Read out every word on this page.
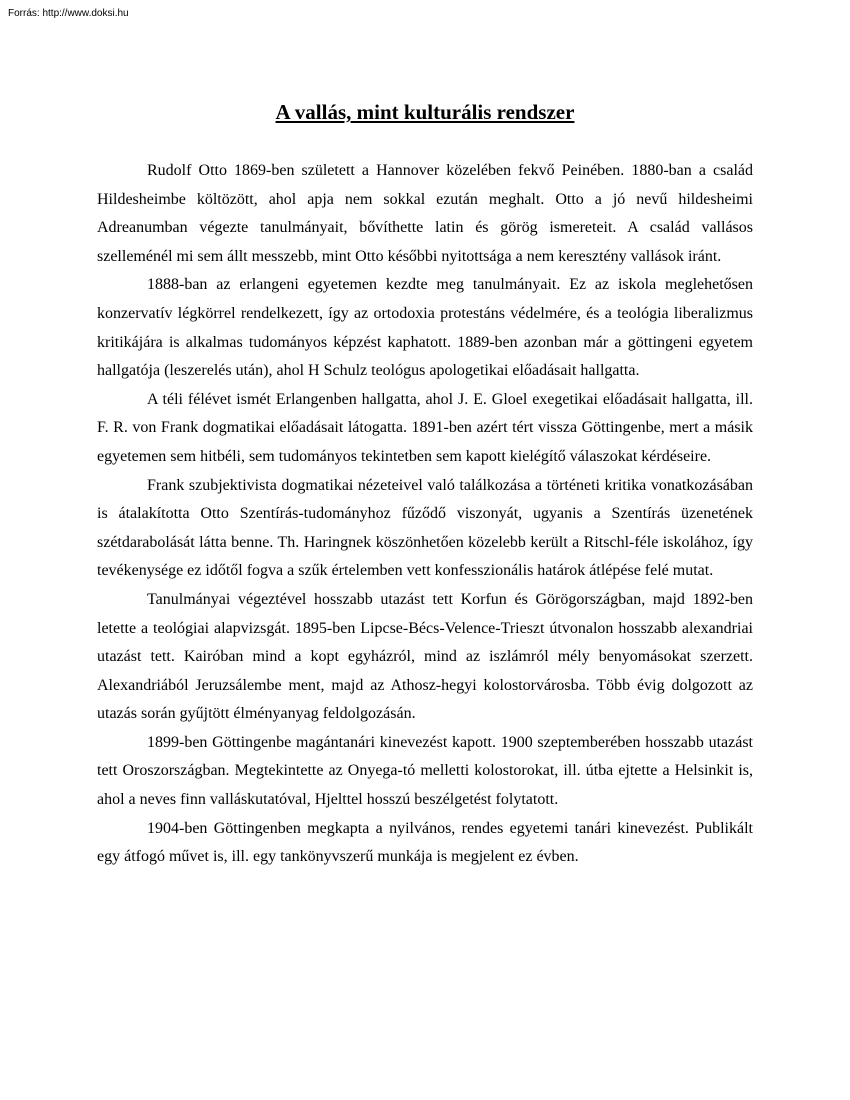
Forrás: http://www.doksi.hu
A vallás, mint kulturális rendszer

Rudolf Otto 1869-ben született a Hannover közelében fekvő Peinében. 1880-ban a család Hildesheimbe költözött, ahol apja nem sokkal ezután meghalt. Otto a jó nevű hildesheimi Adreanumban végezte tanulmányait, bővíthette latin és görög ismereteit. A család vallásos szelleménél mi sem állt messzebb, mint Otto későbbi nyitottsága a nem keresztény vallások iránt.

1888-ban az erlangeni egyetemen kezdte meg tanulmányait. Ez az iskola meglehetősen konzervatív légkörrel rendelkezett, így az ortodoxia protestáns védelmére, és a teológia liberalizmus kritikájára is alkalmas tudományos képzést kaphatott. 1889-ben azonban már a göttingeni egyetem hallgatója (leszerelés után), ahol H Schulz teológus apologetikai előadásait hallgatta.

A téli félévet ismét Erlangenben hallgatta, ahol J. E. Gloel exegetikai előadásait hallgatta, ill. F. R. von Frank dogmatikai előadásait látogatta. 1891-ben azért tért vissza Göttingenbe, mert a másik egyetemen sem hitbéli, sem tudományos tekintetben sem kapott kielégítő válaszokat kérdéseire.

Frank szubjektivista dogmatikai nézeteivel való találkozása a történeti kritika vonatkozásában is átalakította Otto Szentírás-tudományhoz fűződő viszonyát, ugyanis a Szentírás üzenetének szétdarabolását látta benne. Th. Haringnek köszönhetően közelebb került a Ritschl-féle iskolához, így tevékenysége ez időtől fogva a szűk értelemben vett konfesszionális határok átlépése felé mutat.

Tanulmányai végeztével hosszabb utazást tett Korfun és Görögországban, majd 1892-ben letette a teológiai alapvizsgát. 1895-ben Lipcse-Bécs-Velence-Trieszt útvonalon hosszabb alexandriai utazást tett. Kairóban mind a kopt egyházról, mind az iszlámról mély benyomásokat szerzett. Alexandriából Jeruzsálembe ment, majd az Athosz-hegyi kolostorvárosba. Több évig dolgozott az utazás során gyűjtött élményanyag feldolgozásán.

1899-ben Göttingenbe magántanári kinevezést kapott. 1900 szeptemberében hosszabb utazást tett Oroszországban. Megtekintette az Onyega-tó melletti kolostorokat, ill. útba ejtette a Helsinkit is, ahol a neves finn valláskutatóval, Hjelttel hosszú beszélgetést folytatott.

1904-ben Göttingenben megkapta a nyilvános, rendes egyetemi tanári kinevezést. Publikált egy átfogó művet is, ill. egy tankönyvszerű munkája is megjelent ez évben.
